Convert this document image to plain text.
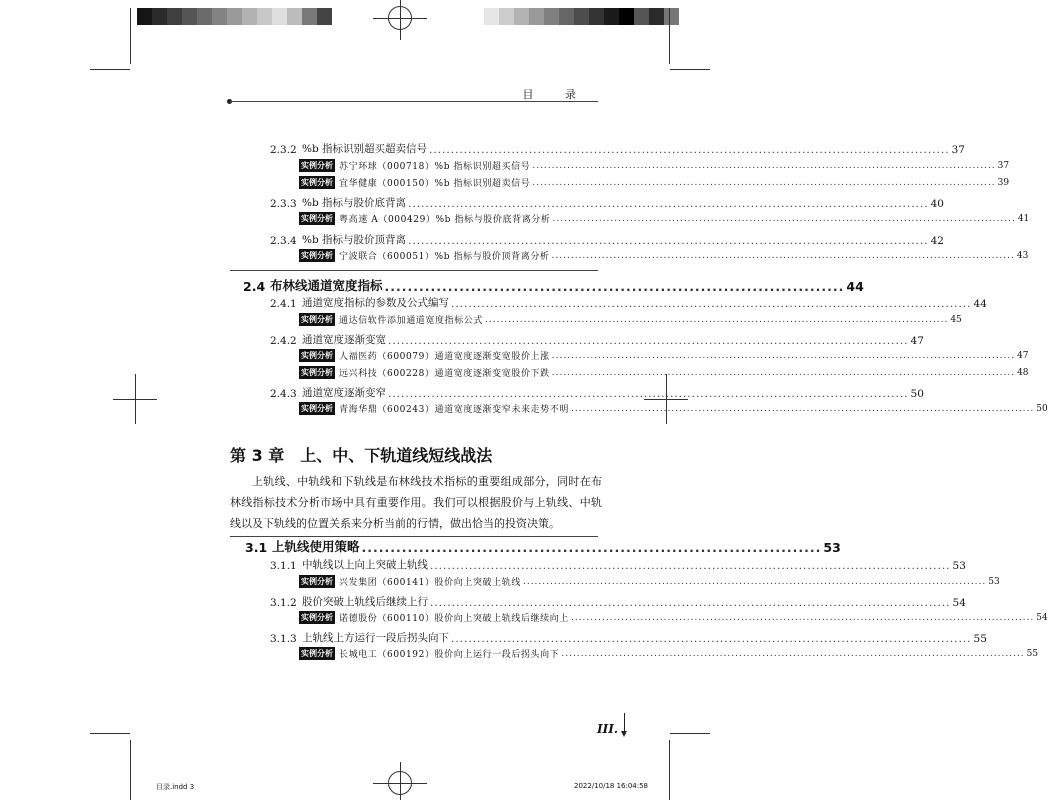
目 录
2.3.2 %b 指标识别超买超卖信号 ........................................................................................................................ 37
实例分析 苏宁环球（000718）%b 指标识别超买信号 ........................................................................................................................ 37
实例分析 宜华健康（000150）%b 指标识别超卖信号 ........................................................................................................................ 39
2.3.3 %b 指标与股价底背离 ........................................................................................................................ 40
实例分析 粤高速 A（000429）%b 指标与股价底背离分析 ........................................................................................................................ 41
2.3.4 %b 指标与股价顶背离 ........................................................................................................................ 42
实例分析 宁波联合（600051）%b 指标与股价顶背离分析 ........................................................................................................................ 43
2.4 布林线通道宽度指标 ................................................................................ 44
2.4.1 通道宽度指标的参数及公式编写 ........................................................................................................................ 44
实例分析 通达信软件添加通道宽度指标公式 ........................................................................................................................ 45
2.4.2 通道宽度逐渐变宽 ........................................................................................................................ 47
实例分析 人福医药（600079）通道宽度逐渐变宽股价上涨 ........................................................................................................................ 47
实例分析 远兴科技（600228）通道宽度逐渐变宽股价下跌 ........................................................................................................................ 48
2.4.3 通道宽度逐渐变窄 ........................................................................................................................ 50
实例分析 青海华鼎（600243）通道宽度逐渐变窄未来走势不明 ........................................................................................................................ 50
第 3 章 上、中、下轨道线短线战法
上轨线、中轨线和下轨线是布林线技术指标的重要组成部分，同时在布林线指标技术分析市场中具有重要作用。我们可以根据股价与上轨线、中轨线以及下轨线的位置关系来分析当前的行情，做出恰当的投资决策。
3.1 上轨线使用策略 ................................................................................ 53
3.1.1 中轨线以上向上突破上轨线 ........................................................................................................................ 53
实例分析 兴发集团（600141）股价向上突破上轨线 ........................................................................................................................ 53
3.1.2 股价突破上轨线后继续上行 ........................................................................................................................ 54
实例分析 诺德股份（600110）股价向上突破上轨线后继续向上 ........................................................................................................................ 54
3.1.3 上轨线上方运行一段后拐头向下 ........................................................................................................................ 55
实例分析 长城电工（600192）股价向上运行一段后拐头向下 ........................................................................................................................ 55
III.
目录.indd 3	2022/10/18 16:04:58
